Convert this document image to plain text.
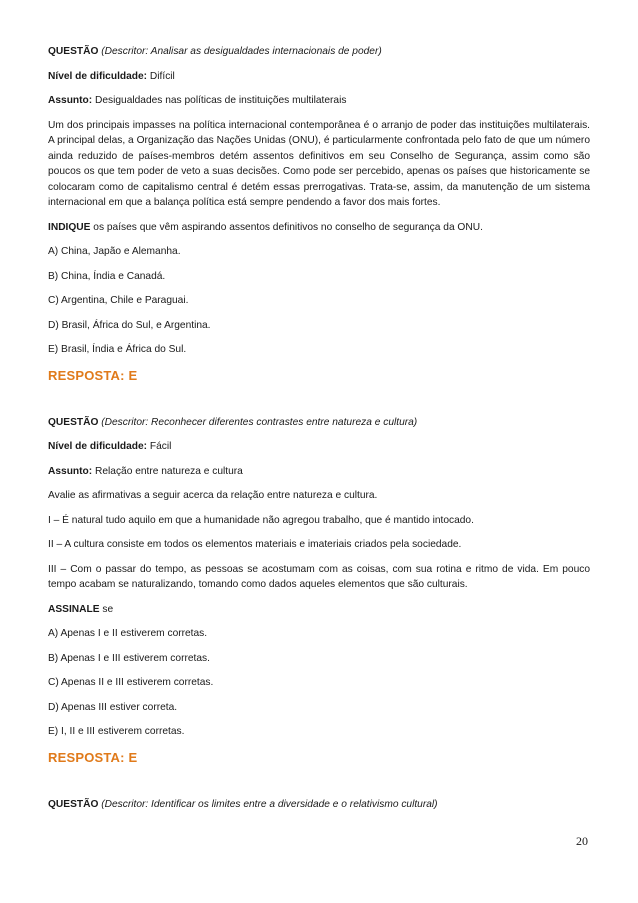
QUESTÃO (Descritor: Analisar as desigualdades internacionais de poder)

Nível de dificuldade: Difícil

Assunto: Desigualdades nas políticas de instituições multilaterais

Um dos principais impasses na política internacional contemporânea é o arranjo de poder das instituições multilaterais. A principal delas, a Organização das Nações Unidas (ONU), é particularmente confrontada pelo fato de que um número ainda reduzido de países-membros detém assentos definitivos em seu Conselho de Segurança, assim como são poucos os que tem poder de veto a suas decisões. Como pode ser percebido, apenas os países que historicamente se colocaram como de capitalismo central é detém essas prerrogativas. Trata-se, assim, da manutenção de um sistema internacional em que a balança política está sempre pendendo a favor dos mais fortes.

INDIQUE os países que vêm aspirando assentos definitivos no conselho de segurança da ONU.

A) China, Japão e Alemanha.

B) China, Índia e Canadá.

C) Argentina, Chile e Paraguai.

D) Brasil, África do Sul, e Argentina.

E) Brasil, Índia e África do Sul.

RESPOSTA: E

QUESTÃO (Descritor: Reconhecer diferentes contrastes entre natureza e cultura)

Nível de dificuldade: Fácil

Assunto: Relação entre natureza e cultura

Avalie as afirmativas a seguir acerca da relação entre natureza e cultura.

I – É natural tudo aquilo em que a humanidade não agregou trabalho, que é mantido intocado.

II – A cultura consiste em todos os elementos materiais e imateriais criados pela sociedade.

III – Com o passar do tempo, as pessoas se acostumam com as coisas, com sua rotina e ritmo de vida. Em pouco tempo acabam se naturalizando, tomando como dados aqueles elementos que são culturais.

ASSINALE se

A) Apenas I e II estiverem corretas.

B) Apenas I e III estiverem corretas.

C) Apenas II e III estiverem corretas.

D) Apenas III estiver correta.

E) I, II e III estiverem corretas.

RESPOSTA: E

QUESTÃO (Descritor: Identificar os limites entre a diversidade e o relativismo cultural)

20
